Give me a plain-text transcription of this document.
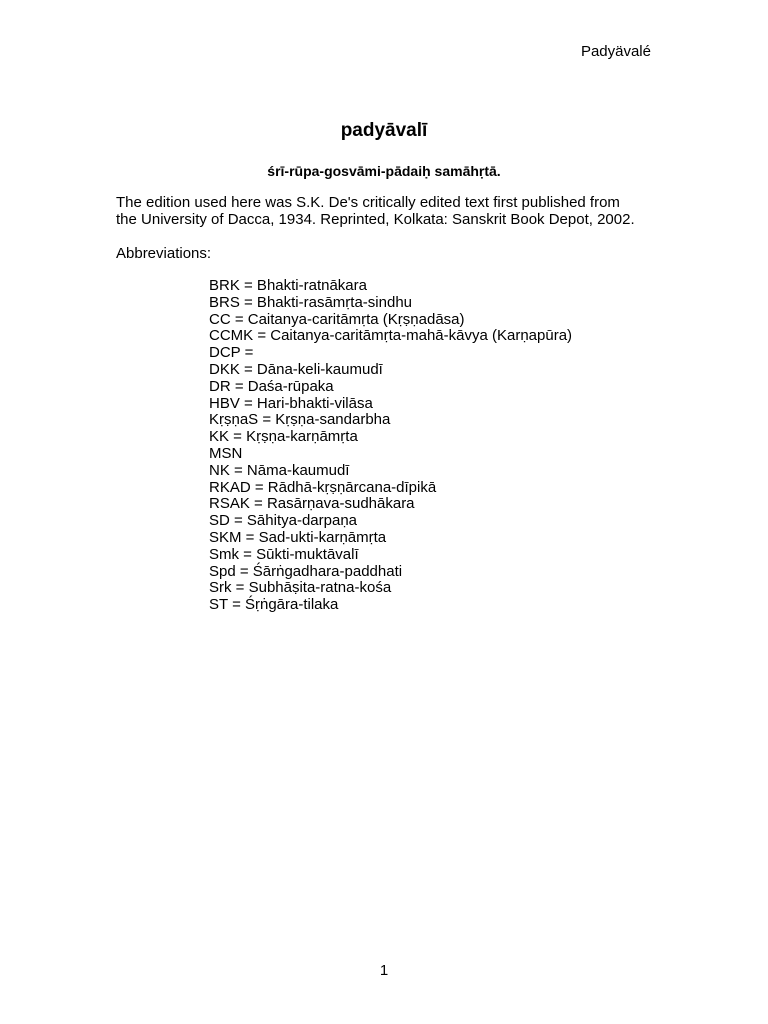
Padyävalé
padyāvalī
śrī-rūpa-gosvāmi-pādaiḥ samāhṛtā.
The edition used here was S.K. De's critically edited text first published from
the University of Dacca, 1934. Reprinted, Kolkata: Sanskrit Book Depot, 2002.
Abbreviations:
BRK = Bhakti-ratnākara
BRS = Bhakti-rasāmṛta-sindhu
CC = Caitanya-caritāmṛta (Kṛṣṇadāsa)
CCMK = Caitanya-caritāmṛta-mahā-kāvya (Karṇapūra)
DCP =
DKK = Dāna-keli-kaumudī
DR = Daśa-rūpaka
HBV = Hari-bhakti-vilāsa
KṛṣṇaS = Kṛṣṇa-sandarbha
KK = Kṛṣṇa-karṇāmṛta
MSN
NK = Nāma-kaumudī
RKAD = Rādhā-kṛṣṇārcana-dīpikā
RSAK = Rasārṇava-sudhākara
SD = Sāhitya-darpaṇa
SKM = Sad-ukti-karṇāmṛta
Smk = Sūkti-muktāvalī
Spd = Śārṅgadhara-paddhati
Srk = Subhāṣita-ratna-kośa
ST = Śṛṅgāra-tilaka
1
